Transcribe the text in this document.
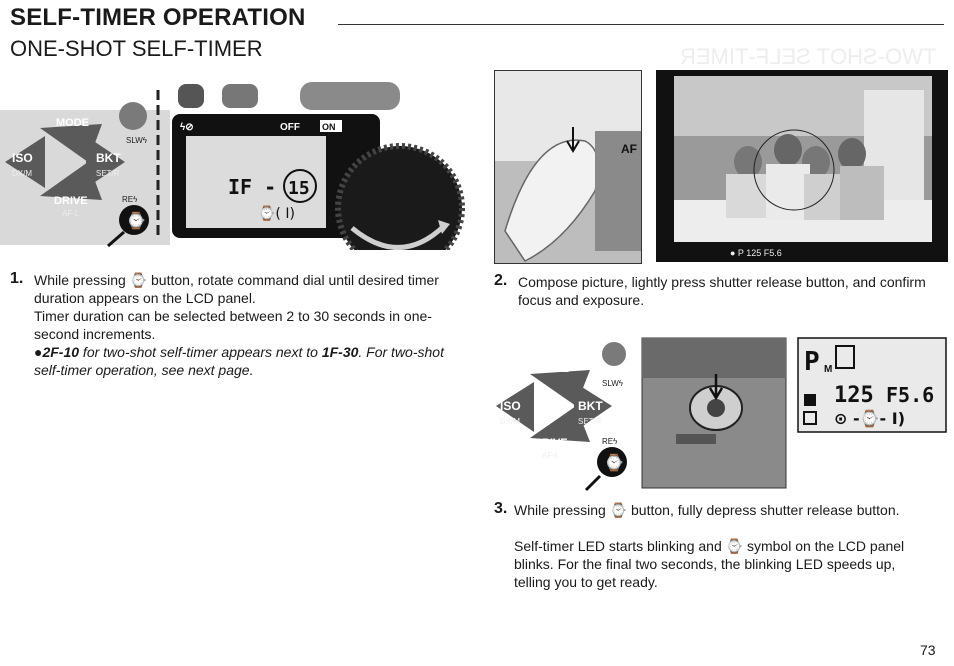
SELF-TIMER OPERATION
ONE-SHOT SELF-TIMER	TWO-SHOT SELF-TIMER
MODE
ISO
DX/M
BKT
SET/R
DRIVE
AF-L
SLWϟ
REϟ
⌚
ϟ⊘	OFF ON
IF - 15
⌚( I)
1. While pressing ⌚ button, rotate command dial until desired timer duration appears on the LCD panel.
Timer duration can be selected between 2 to 30 seconds in one-second increments.
●2F-10 for two-shot self-timer appears next to 1F-30. For two-shot self-timer operation, see next page.
AF
● P 125 F5.6
2. Compose picture, lightly press shutter release button, and confirm focus and exposure.
MODE
ISO
DX/M
BKT
SET/R
DRIVE
AF-L
SLWϟ
REϟ
⌚
P M
125 F5.6
⊙ -⌚- I)
3. While pressing ⌚ button, fully depress shutter release button.
Self-timer LED starts blinking and ⌚ symbol on the LCD panel blinks. For the final two seconds, the blinking LED speeds up, telling you to get ready.
73
